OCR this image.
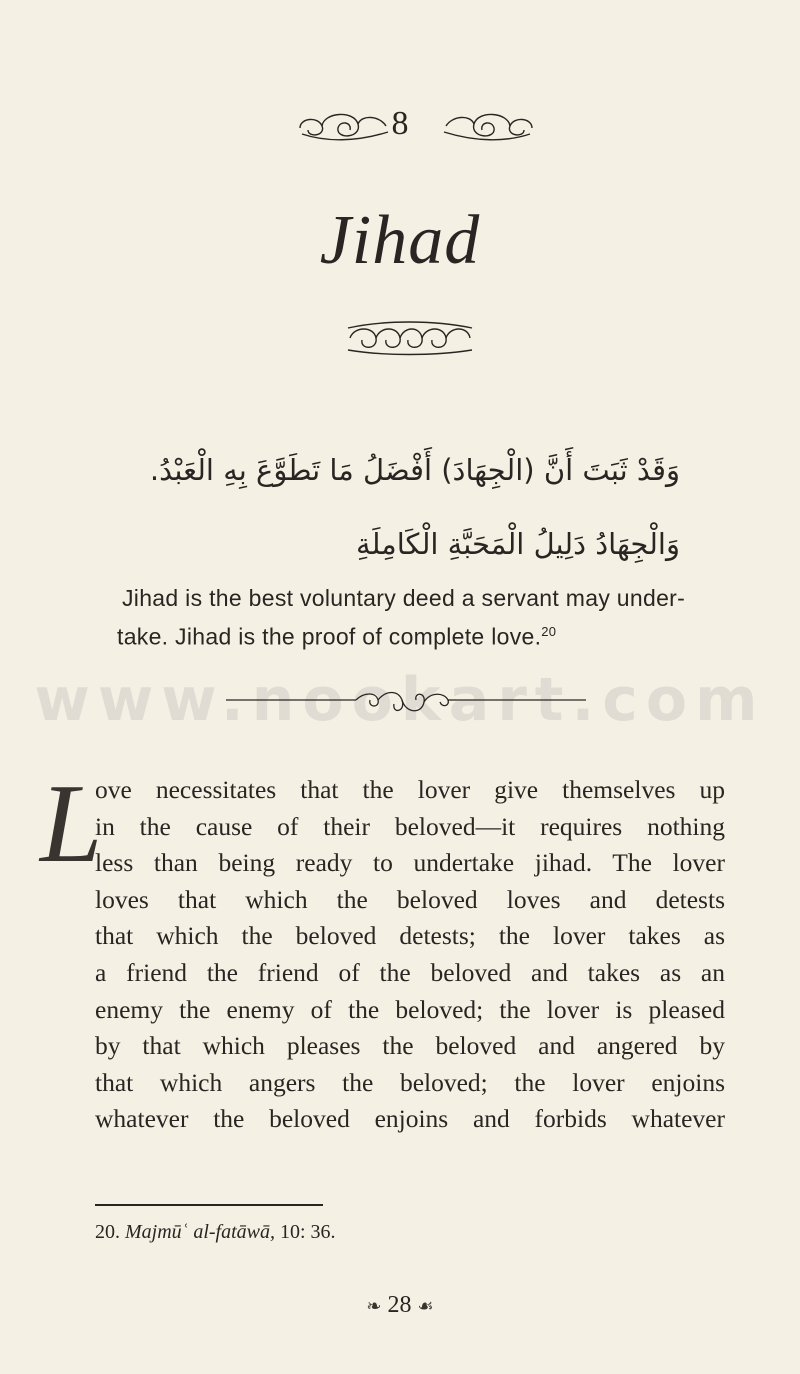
8
Jihad
وَقَدْ ثَبَتَ أَنَّ (الْجِهَادَ) أَفْضَلُ مَا تَطَوَّعَ بِهِ الْعَبْدُ.
وَالْجِهَادُ دَلِيلُ الْمَحَبَّةِ الْكَامِلَةِ
Jihad is the best voluntary deed a servant may under-
take. Jihad is the proof of complete love.$^{20}$
www.nookart.com
L
ove necessitates that the lover give themselves up
in the cause of their beloved—it requires nothing
less than being ready to undertake jihad. The lover
loves that which the beloved loves and detests
that which the beloved detests; the lover takes as
a friend the friend of the beloved and takes as an
enemy the enemy of the beloved; the lover is pleased
by that which pleases the beloved and angered by
that which angers the beloved; the lover enjoins
whatever the beloved enjoins and forbids whatever
20. Majmūʿ al-fatāwā, 10: 36.
❧ 28 ☙
